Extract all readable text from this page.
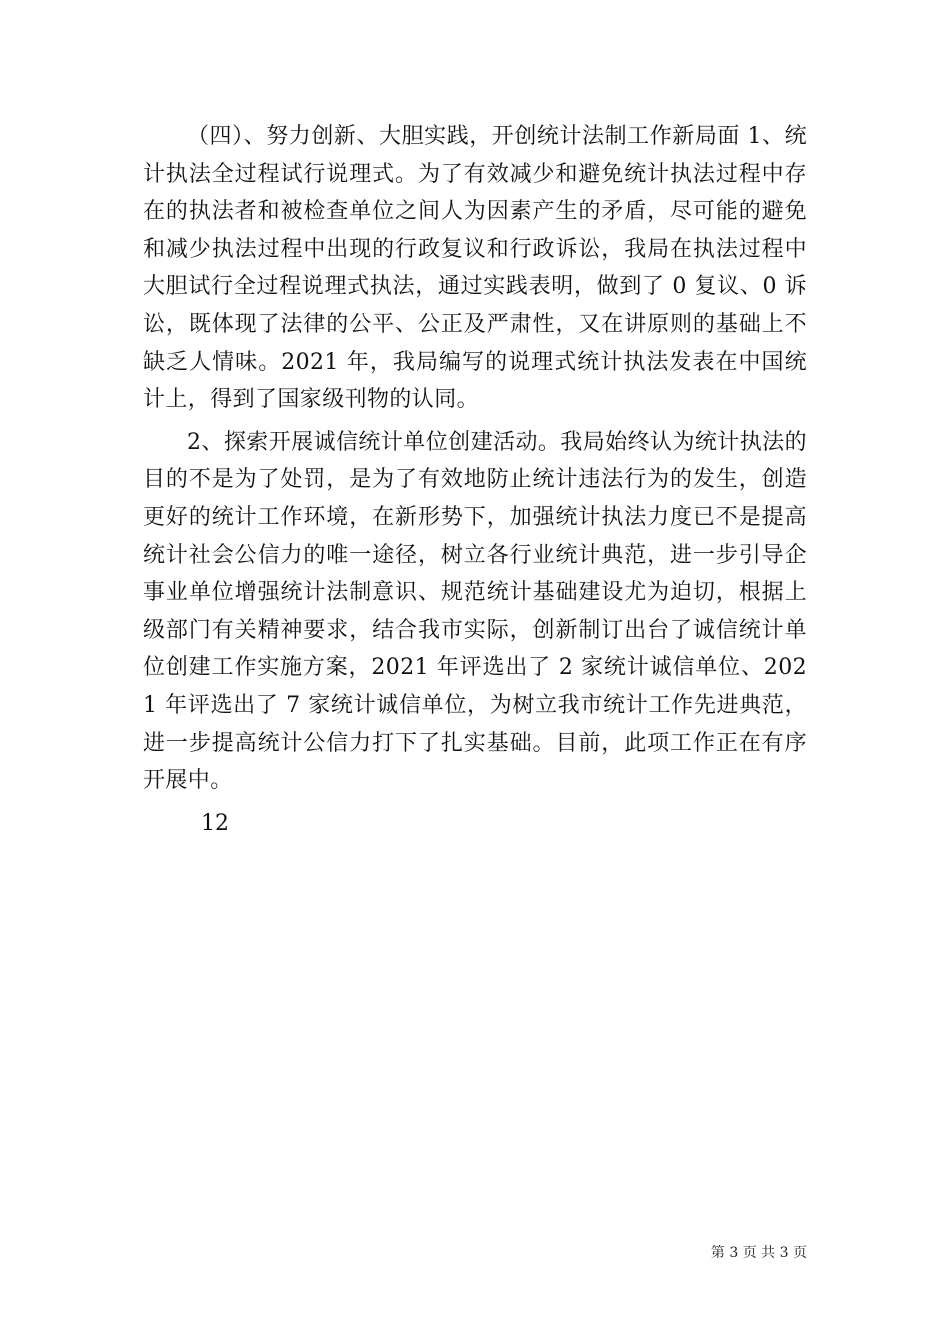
（四）、努力创新、大胆实践，开创统计法制工作新局面 1、统计执法全过程试行说理式。为了有效减少和避免统计执法过程中存在的执法者和被检查单位之间人为因素产生的矛盾，尽可能的避免和减少执法过程中出现的行政复议和行政诉讼，我局在执法过程中大胆试行全过程说理式执法，通过实践表明，做到了 0 复议、0 诉讼，既体现了法律的公平、公正及严肃性，又在讲原则的基础上不缺乏人情味。2021 年，我局编写的说理式统计执法发表在中国统计上，得到了国家级刊物的认同。

2、探索开展诚信统计单位创建活动。我局始终认为统计执法的目的不是为了处罚，是为了有效地防止统计违法行为的发生，创造更好的统计工作环境，在新形势下，加强统计执法力度已不是提高统计社会公信力的唯一途径，树立各行业统计典范，进一步引导企事业单位增强统计法制意识、规范统计基础建设尤为迫切，根据上级部门有关精神要求，结合我市实际，创新制订出台了诚信统计单位创建工作实施方案，2021 年评选出了 2 家统计诚信单位、2021 年评选出了 7 家统计诚信单位，为树立我市统计工作先进典范，进一步提高统计公信力打下了扎实基础。目前，此项工作正在有序开展中。

12

第 3 页 共 3 页
